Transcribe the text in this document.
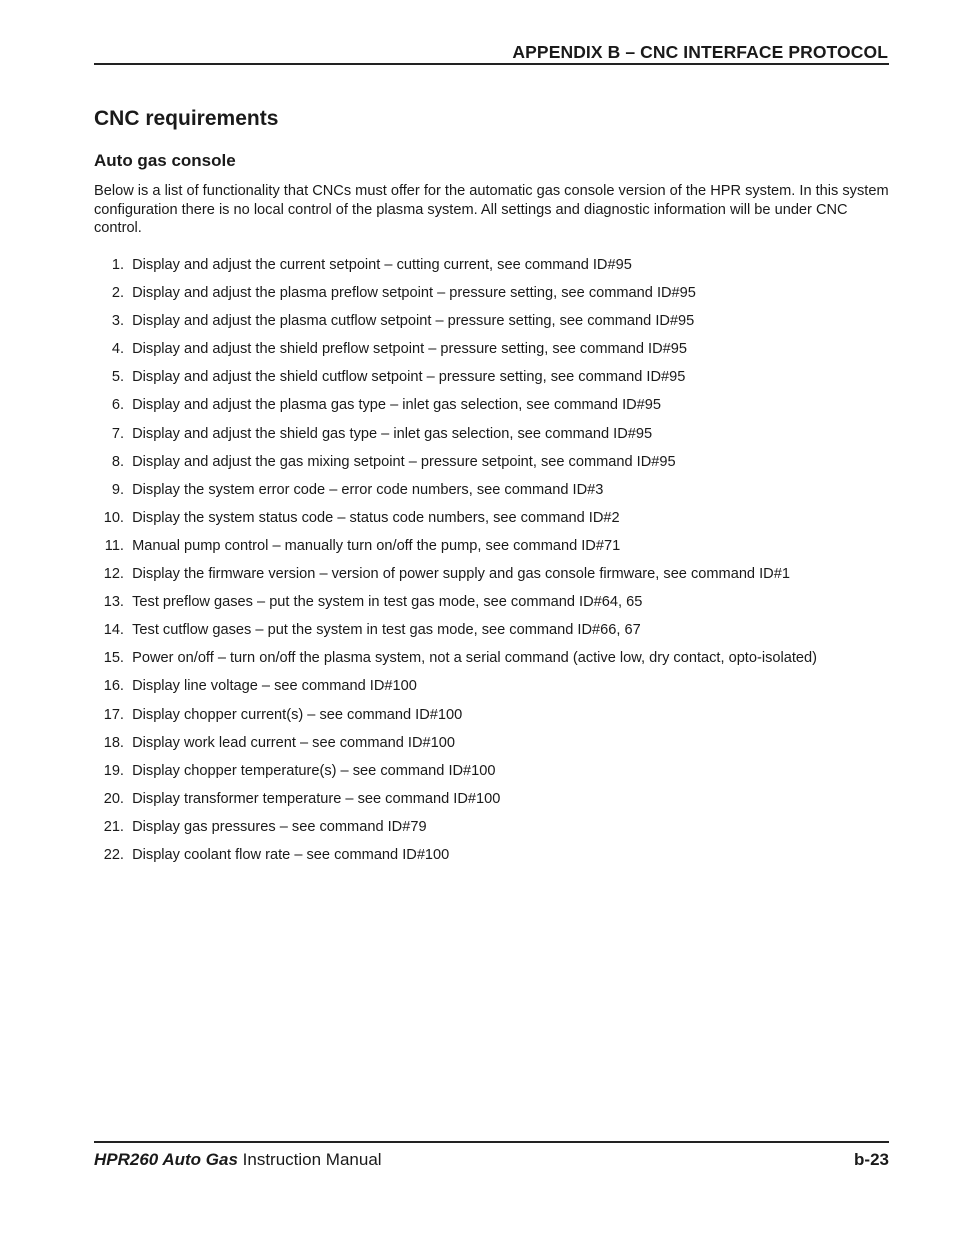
APPENDIX B – CNC INTERFACE PROTOCOL
CNC requirements
Auto gas console
Below is a list of functionality that CNCs must offer for the automatic gas console version of the HPR system. In this system configuration there is no local control of the plasma system. All settings and diagnostic information will be under CNC control.
1. Display and adjust the current setpoint – cutting current, see command ID#95
2. Display and adjust the plasma preflow setpoint – pressure setting, see command ID#95
3. Display and adjust the plasma cutflow setpoint – pressure setting, see command ID#95
4. Display and adjust the shield preflow setpoint – pressure setting, see command ID#95
5. Display and adjust the shield cutflow setpoint – pressure setting, see command ID#95
6. Display and adjust the plasma gas type – inlet gas selection, see command ID#95
7. Display and adjust the shield gas type – inlet gas selection, see command ID#95
8. Display and adjust the gas mixing setpoint – pressure setpoint, see command ID#95
9. Display the system error code – error code numbers, see command ID#3
10. Display the system status code – status code numbers, see command ID#2
11. Manual pump control – manually turn on/off the pump, see command ID#71
12. Display the firmware version – version of power supply and gas console firmware, see command ID#1
13. Test preflow gases – put the system in test gas mode, see command ID#64, 65
14. Test cutflow gases – put the system in test gas mode, see command ID#66, 67
15. Power on/off – turn on/off the plasma system, not a serial command (active low, dry contact, opto-isolated)
16. Display line voltage – see command ID#100
17. Display chopper current(s) – see command ID#100
18. Display work lead current – see command ID#100
19. Display chopper temperature(s) – see command ID#100
20. Display transformer temperature – see command ID#100
21. Display gas pressures – see command ID#79
22. Display coolant flow rate – see command ID#100
HPR260 Auto Gas Instruction Manual	b-23
